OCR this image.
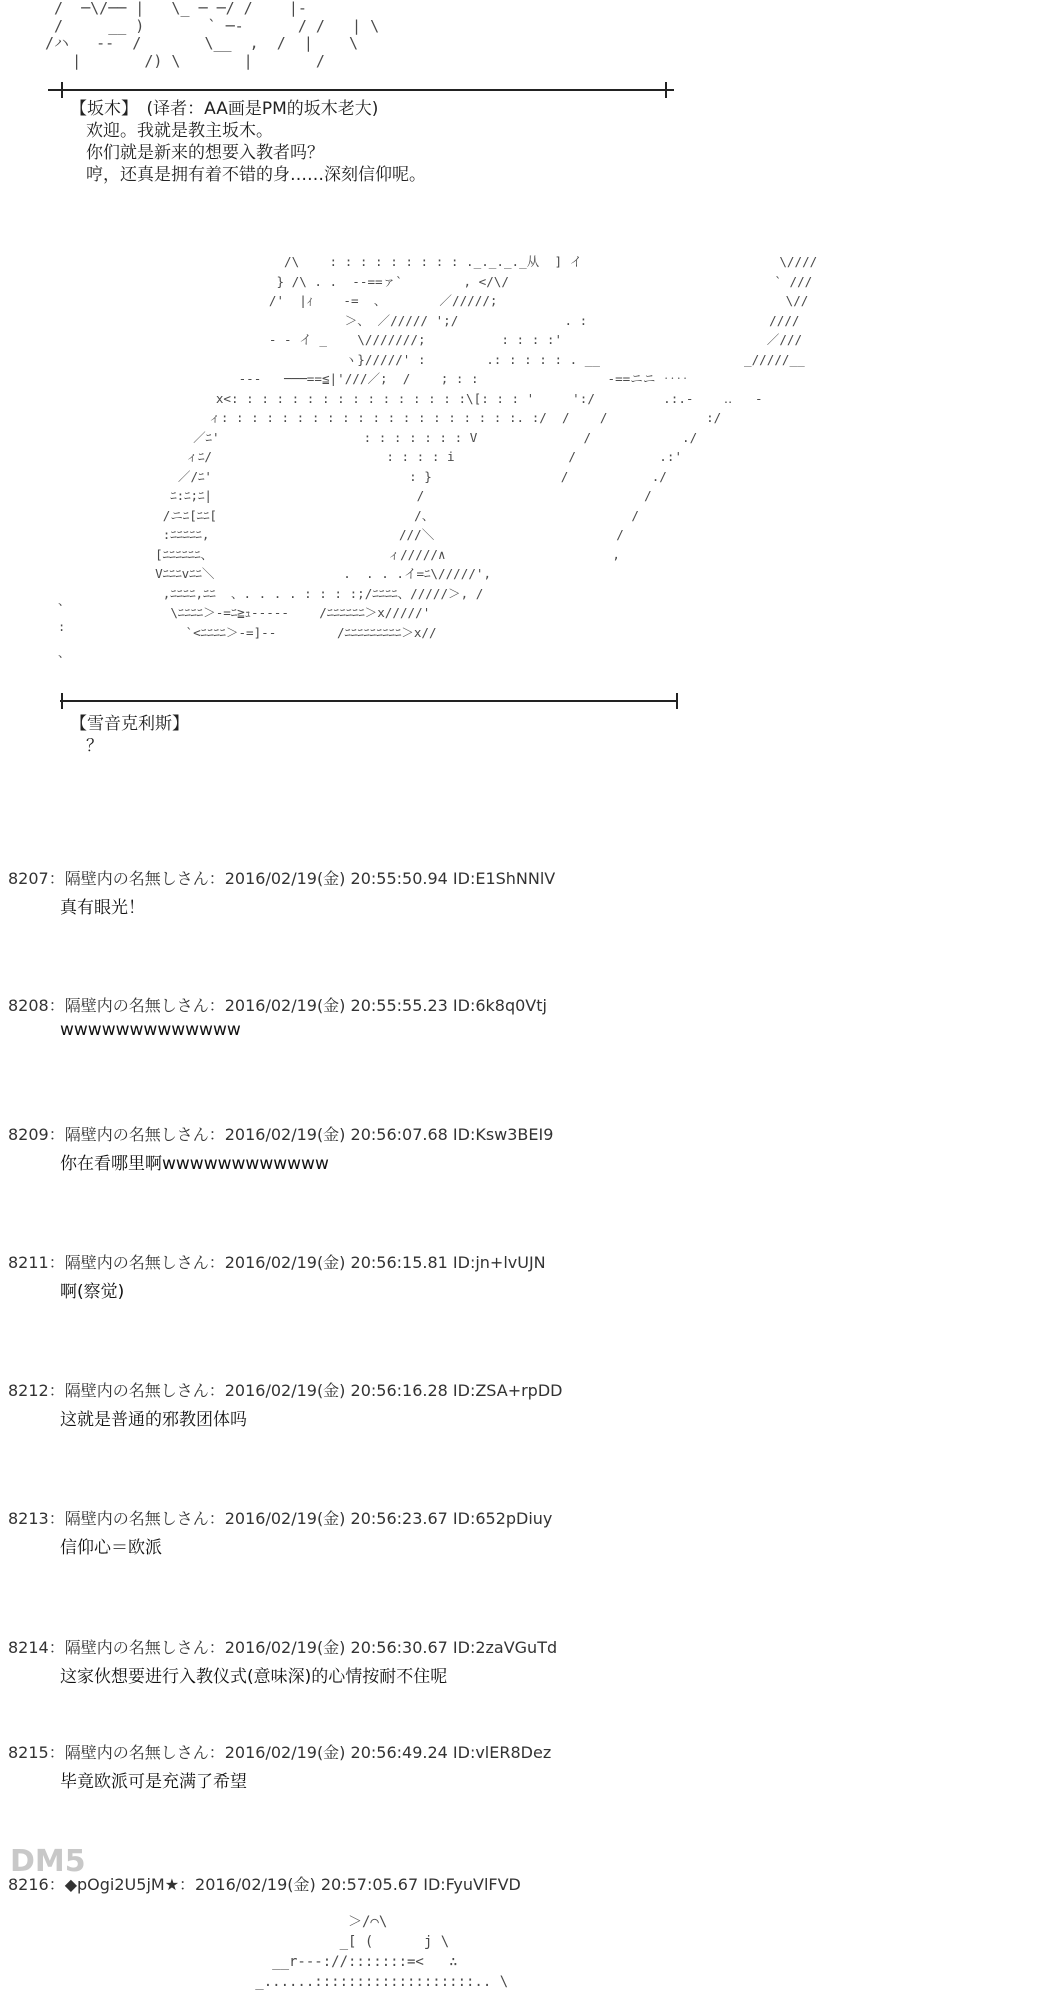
/  ─\/── |   \_ ─ ─/ /    |-
/     __ )       ` ─-      / /   | \
/ハ   --  /       \__  ,  /  |    \
|       /) \       |       /
【坂木】　(译者：AA画是PM的坂木老大)
欢迎。我就是教主坂木。
你们就是新来的想要入教者吗？
哼，还真是拥有着不错的身……深刻信仰呢。
/\    : : : : : : : : : ._._._._从  ] イ                          \////
} /\ . .  --==ァ`        , </\/                                   ` ///
/'  |ｨ    -=  、       ／/////;                                      \//
＞、 ／///// ';/              . :                        ////
- - イ _    \///////;          : : : :'                           ／///
ヽ}/////' :        .: : : : : . __                   _/////__
---   ───==≦|'///／;  /    ; : :                 -==ニニ ‥‥
x<: : : : : : : : : : : : : : : :\[: : : '     ':/         .:.-    ‥   -
ィ: : : : : : : : : : : : : : : : : : : :. :/  /    /             :/
／ﾆ'                   : : : : : : : V              /            ./
ィﾆ/                       : : : : i               /           .:'
／/ﾆ'                          : }                 /           ./
ﾆ:ﾆ;ﾆ|                           /                             /
/ニﾆ[ﾆﾆ[                          /、                          /
:ﾆﾆﾆﾆﾆ,                         ///＼                        /
[ﾆﾆﾆﾆﾆﾆ、                       ィ/////∧                      ,
Vﾆﾆﾆvﾆﾆ＼                 .  . . .イ=ﾆ\/////',
,ﾆﾆﾆﾆ,ﾆﾆ  、. . . . : : : :;/ﾆﾆﾆﾆ、/////＞, /
\ﾆﾆﾆﾆ＞-=ﾆ≧ｭ-----    /ﾆﾆﾆﾆﾆﾆ＞x/////'
`<ﾆﾆﾆﾆ＞-=]--        /ﾆﾆﾆﾆﾆﾆﾆﾆﾆ＞x//
、

:

、
【雪音克利斯】
？
8207：隔壁内の名無しさん：2016/02/19(金) 20:55:50.94 ID:E1ShNNlV
真有眼光！
8208：隔壁内の名無しさん：2016/02/19(金) 20:55:55.23 ID:6k8q0Vtj
wwwwwwwwwwwww
8209：隔壁内の名無しさん：2016/02/19(金) 20:56:07.68 ID:Ksw3BEI9
你在看哪里啊wwwwwwwwwwww
8211：隔壁内の名無しさん：2016/02/19(金) 20:56:15.81 ID:jn+lvUJN
啊(察觉)
8212：隔壁内の名無しさん：2016/02/19(金) 20:56:16.28 ID:ZSA+rpDD
这就是普通的邪教团体吗
8213：隔壁内の名無しさん：2016/02/19(金) 20:56:23.67 ID:652pDiuy
信仰心＝欧派
8214：隔壁内の名無しさん：2016/02/19(金) 20:56:30.67 ID:2zaVGuTd
这家伙想要进行入教仪式(意味深)的心情按耐不住呢
8215：隔壁内の名無しさん：2016/02/19(金) 20:56:49.24 ID:vlER8Dez
毕竟欧派可是充满了希望
8216：◆pOgi2U5jM★：2016/02/19(金) 20:57:05.67 ID:FyuVlFVD
＞/⌒\
_[ (      j \
__r---://:::::::=<   ∴
_......:::::::::::::::::::.. \
DM5
